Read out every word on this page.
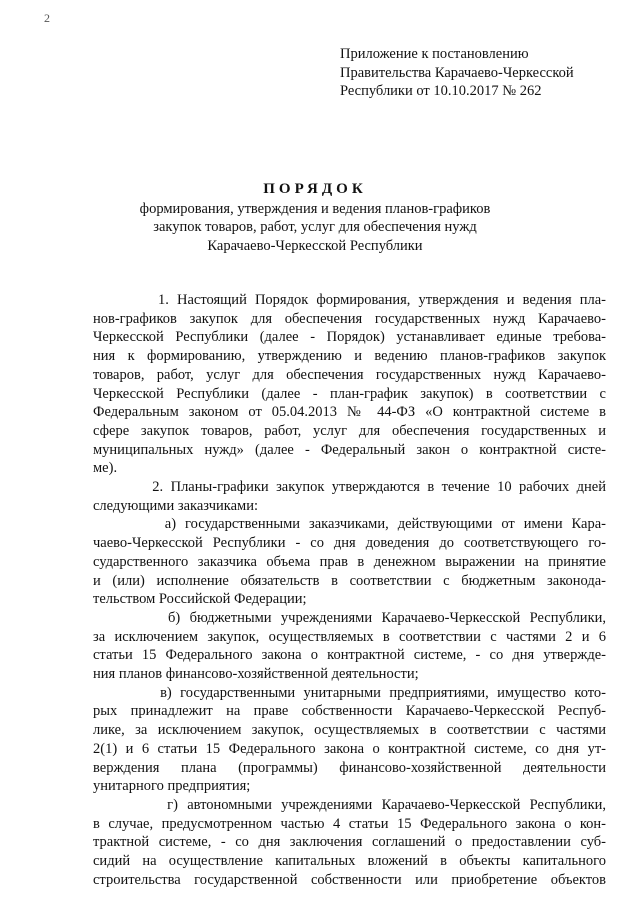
2
Приложение к постановлению
Правительства Карачаево-Черкесской
Республики от 10.10.2017 № 262
ПОРЯДОК
формирования, утверждения и ведения планов-графиков
закупок товаров, работ, услуг для обеспечения нужд
Карачаево-Черкесской Республики
1. Настоящий Порядок формирования, утверждения и ведения пла-
нов-графиков закупок для обеспечения государственных нужд Карачаево-
Черкесской Республики (далее - Порядок) устанавливает единые требова-
ния к формированию, утверждению и ведению планов-графиков закупок
товаров, работ, услуг для обеспечения государственных нужд Карачаево-
Черкесской Республики (далее - план-график закупок) в соответствии с
Федеральным законом от 05.04.2013 № 44-ФЗ «О контрактной системе в
сфере закупок товаров, работ, услуг для обеспечения государственных и
муниципальных нужд» (далее - Федеральный закон о контрактной систе-
ме).
2. Планы-графики закупок утверждаются в течение 10 рабочих дней
следующими заказчиками:
а) государственными заказчиками, действующими от имени Кара-
чаево-Черкесской Республики - со дня доведения до соответствующего го-
сударственного заказчика объема прав в денежном выражении на принятие
и (или) исполнение обязательств в соответствии с бюджетным законода-
тельством Российской Федерации;
б) бюджетными учреждениями Карачаево-Черкесской Республики,
за исключением закупок, осуществляемых в соответствии с частями 2 и 6
статьи 15 Федерального закона о контрактной системе, - со дня утвержде-
ния планов финансово-хозяйственной деятельности;
в) государственными унитарными предприятиями, имущество кото-
рых принадлежит на праве собственности Карачаево-Черкесской Респуб-
лике, за исключением закупок, осуществляемых в соответствии с частями
2(1) и 6 статьи 15 Федерального закона о контрактной системе, со дня ут-
верждения плана (программы) финансово-хозяйственной деятельности
унитарного предприятия;
г) автономными учреждениями Карачаево-Черкесской Республики,
в случае, предусмотренном частью 4 статьи 15 Федерального закона о кон-
трактной системе, - со дня заключения соглашений о предоставлении суб-
сидий на осуществление капитальных вложений в объекты капитального
строительства государственной собственности или приобретение объектов
